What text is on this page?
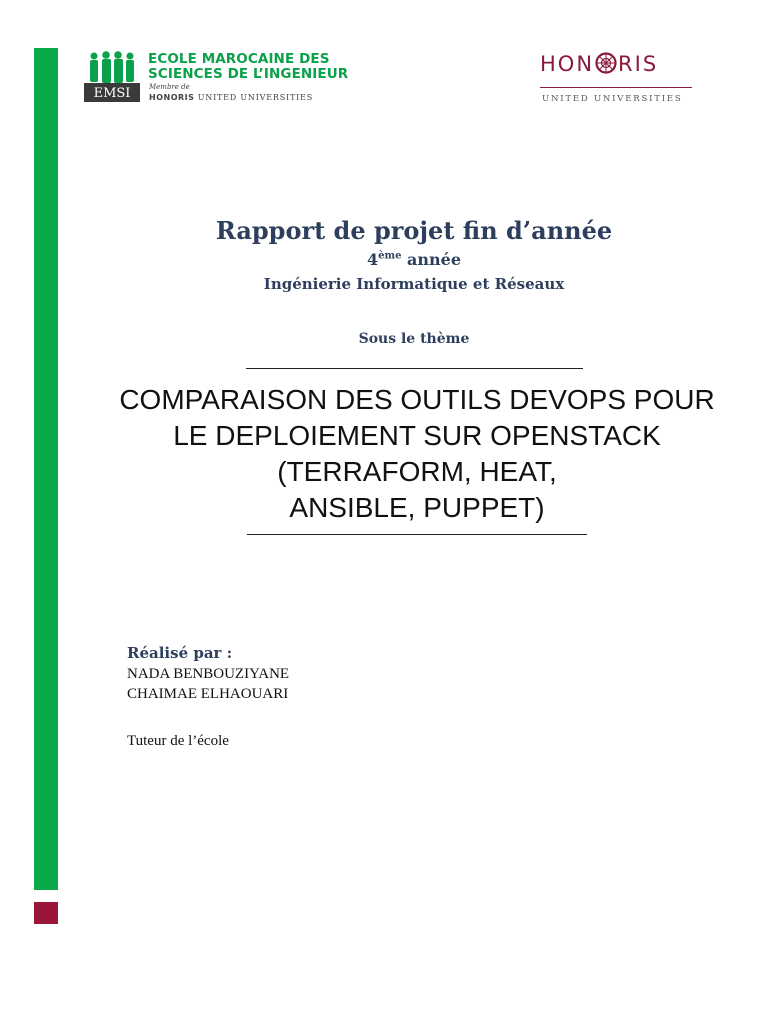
EMSI
ECOLE MAROCAINE DES
SCIENCES DE L’INGENIEUR
Membre de
HONORIS UNITED UNIVERSITIES
HON RIS
UNITED UNIVERSITIES
Rapport de projet fin d’année
4ème année
Ingénierie Informatique et Réseaux
Sous le thème
COMPARAISON DES OUTILS DEVOPS POUR
LE DEPLOIEMENT SUR OPENSTACK
(TERRAFORM, HEAT,
ANSIBLE, PUPPET)
Réalisé par :
NADA BENBOUZIYANE
CHAIMAE ELHAOUARI
Tuteur de l’école
